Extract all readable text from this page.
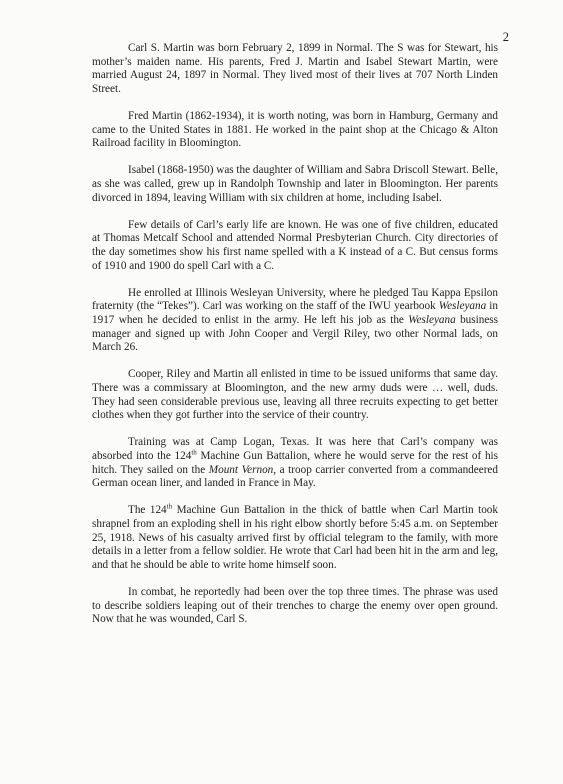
2

Carl S. Martin was born February 2, 1899 in Normal. The S was for Stewart, his mother’s maiden name. His parents, Fred J. Martin and Isabel Stewart Martin, were married August 24, 1897 in Normal. They lived most of their lives at 707 North Linden Street.

Fred Martin (1862-1934), it is worth noting, was born in Hamburg, Germany and came to the United States in 1881. He worked in the paint shop at the Chicago & Alton Railroad facility in Bloomington.

Isabel (1868-1950) was the daughter of William and Sabra Driscoll Stewart. Belle, as she was called, grew up in Randolph Township and later in Bloomington. Her parents divorced in 1894, leaving William with six children at home, including Isabel.

Few details of Carl’s early life are known. He was one of five children, educated at Thomas Metcalf School and attended Normal Presbyterian Church. City directories of the day sometimes show his first name spelled with a K instead of a C. But census forms of 1910 and 1900 do spell Carl with a C.

He enrolled at Illinois Wesleyan University, where he pledged Tau Kappa Epsilon fraternity (the “Tekes”). Carl was working on the staff of the IWU yearbook Wesleyana in 1917 when he decided to enlist in the army. He left his job as the Wesleyana business manager and signed up with John Cooper and Vergil Riley, two other Normal lads, on March 26.

Cooper, Riley and Martin all enlisted in time to be issued uniforms that same day. There was a commissary at Bloomington, and the new army duds were … well, duds. They had seen considerable previous use, leaving all three recruits expecting to get better clothes when they got further into the service of their country.

Training was at Camp Logan, Texas. It was here that Carl’s company was absorbed into the 124th Machine Gun Battalion, where he would serve for the rest of his hitch. They sailed on the Mount Vernon, a troop carrier converted from a commandeered German ocean liner, and landed in France in May.

The 124th Machine Gun Battalion in the thick of battle when Carl Martin took shrapnel from an exploding shell in his right elbow shortly before 5:45 a.m. on September 25, 1918. News of his casualty arrived first by official telegram to the family, with more details in a letter from a fellow soldier. He wrote that Carl had been hit in the arm and leg, and that he should be able to write home himself soon.

In combat, he reportedly had been over the top three times. The phrase was used to describe soldiers leaping out of their trenches to charge the enemy over open ground. Now that he was wounded, Carl S.
